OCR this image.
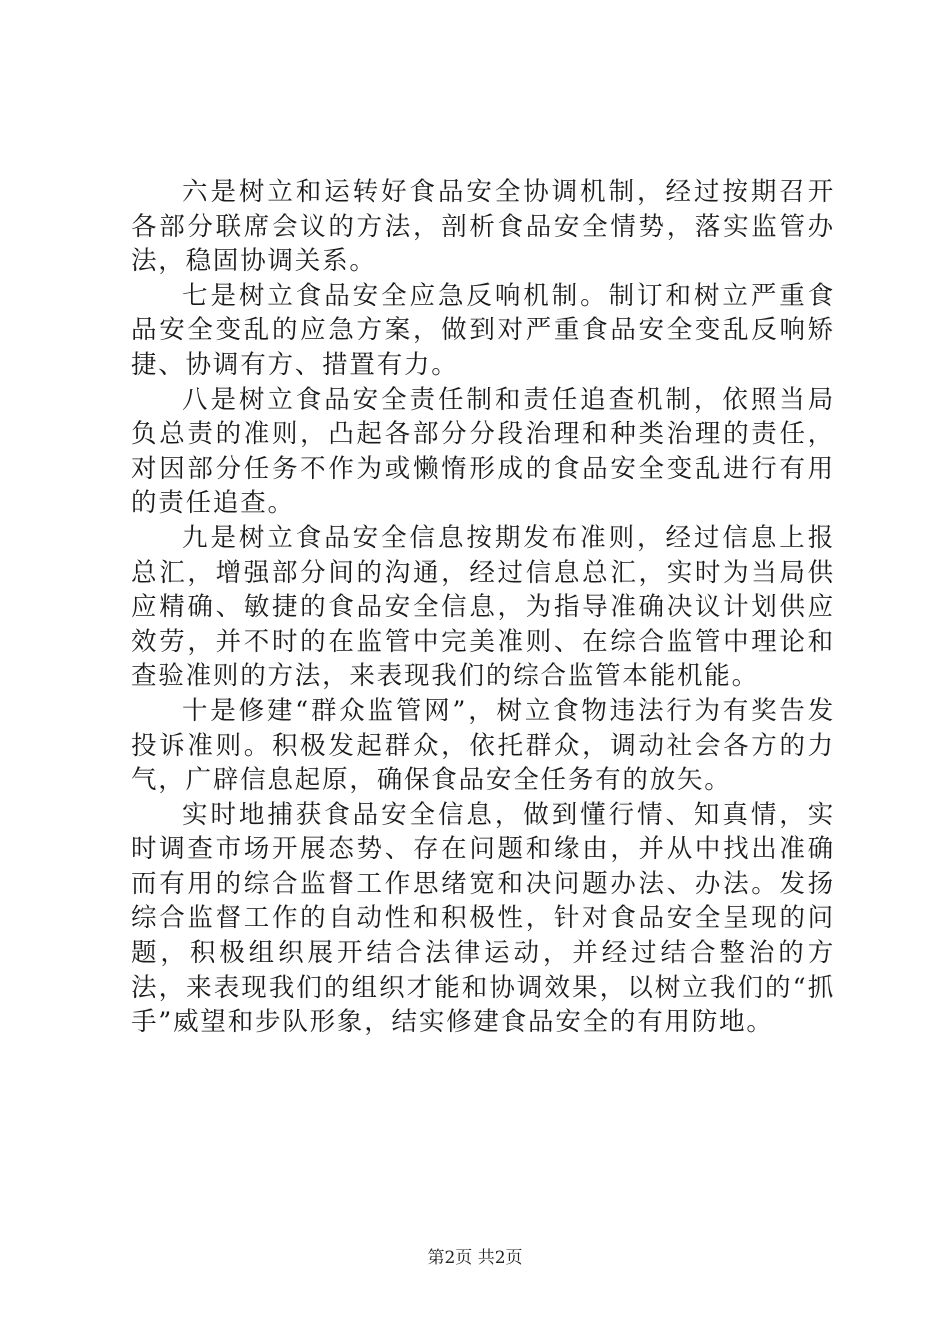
六是树立和运转好食品安全协调机制，经过按期召开各部分联席会议的方法，剖析食品安全情势，落实监管办法，稳固协调关系。

七是树立食品安全应急反响机制。制订和树立严重食品安全变乱的应急方案，做到对严重食品安全变乱反响矫捷、协调有方、措置有力。

八是树立食品安全责任制和责任追查机制，依照当局负总责的准则，凸起各部分分段治理和种类治理的责任，对因部分任务不作为或懒惰形成的食品安全变乱进行有用的责任追查。

九是树立食品安全信息按期发布准则，经过信息上报总汇，增强部分间的沟通，经过信息总汇，实时为当局供应精确、敏捷的食品安全信息，为指导准确决议计划供应效劳，并不时的在监管中完美准则、在综合监管中理论和查验准则的方法，来表现我们的综合监管本能机能。

十是修建“群众监管网”，树立食物违法行为有奖告发投诉准则。积极发起群众，依托群众，调动社会各方的力气，广辟信息起原，确保食品安全任务有的放矢。

实时地捕获食品安全信息，做到懂行情、知真情，实时调查市场开展态势、存在问题和缘由，并从中找出准确而有用的综合监督工作思绪宽和决问题办法、办法。发扬综合监督工作的自动性和积极性，针对食品安全呈现的问题，积极组织展开结合法律运动，并经过结合整治的方法，来表现我们的组织才能和协调效果，以树立我们的“抓手”威望和步队形象，结实修建食品安全的有用防地。

第2页 共2页
